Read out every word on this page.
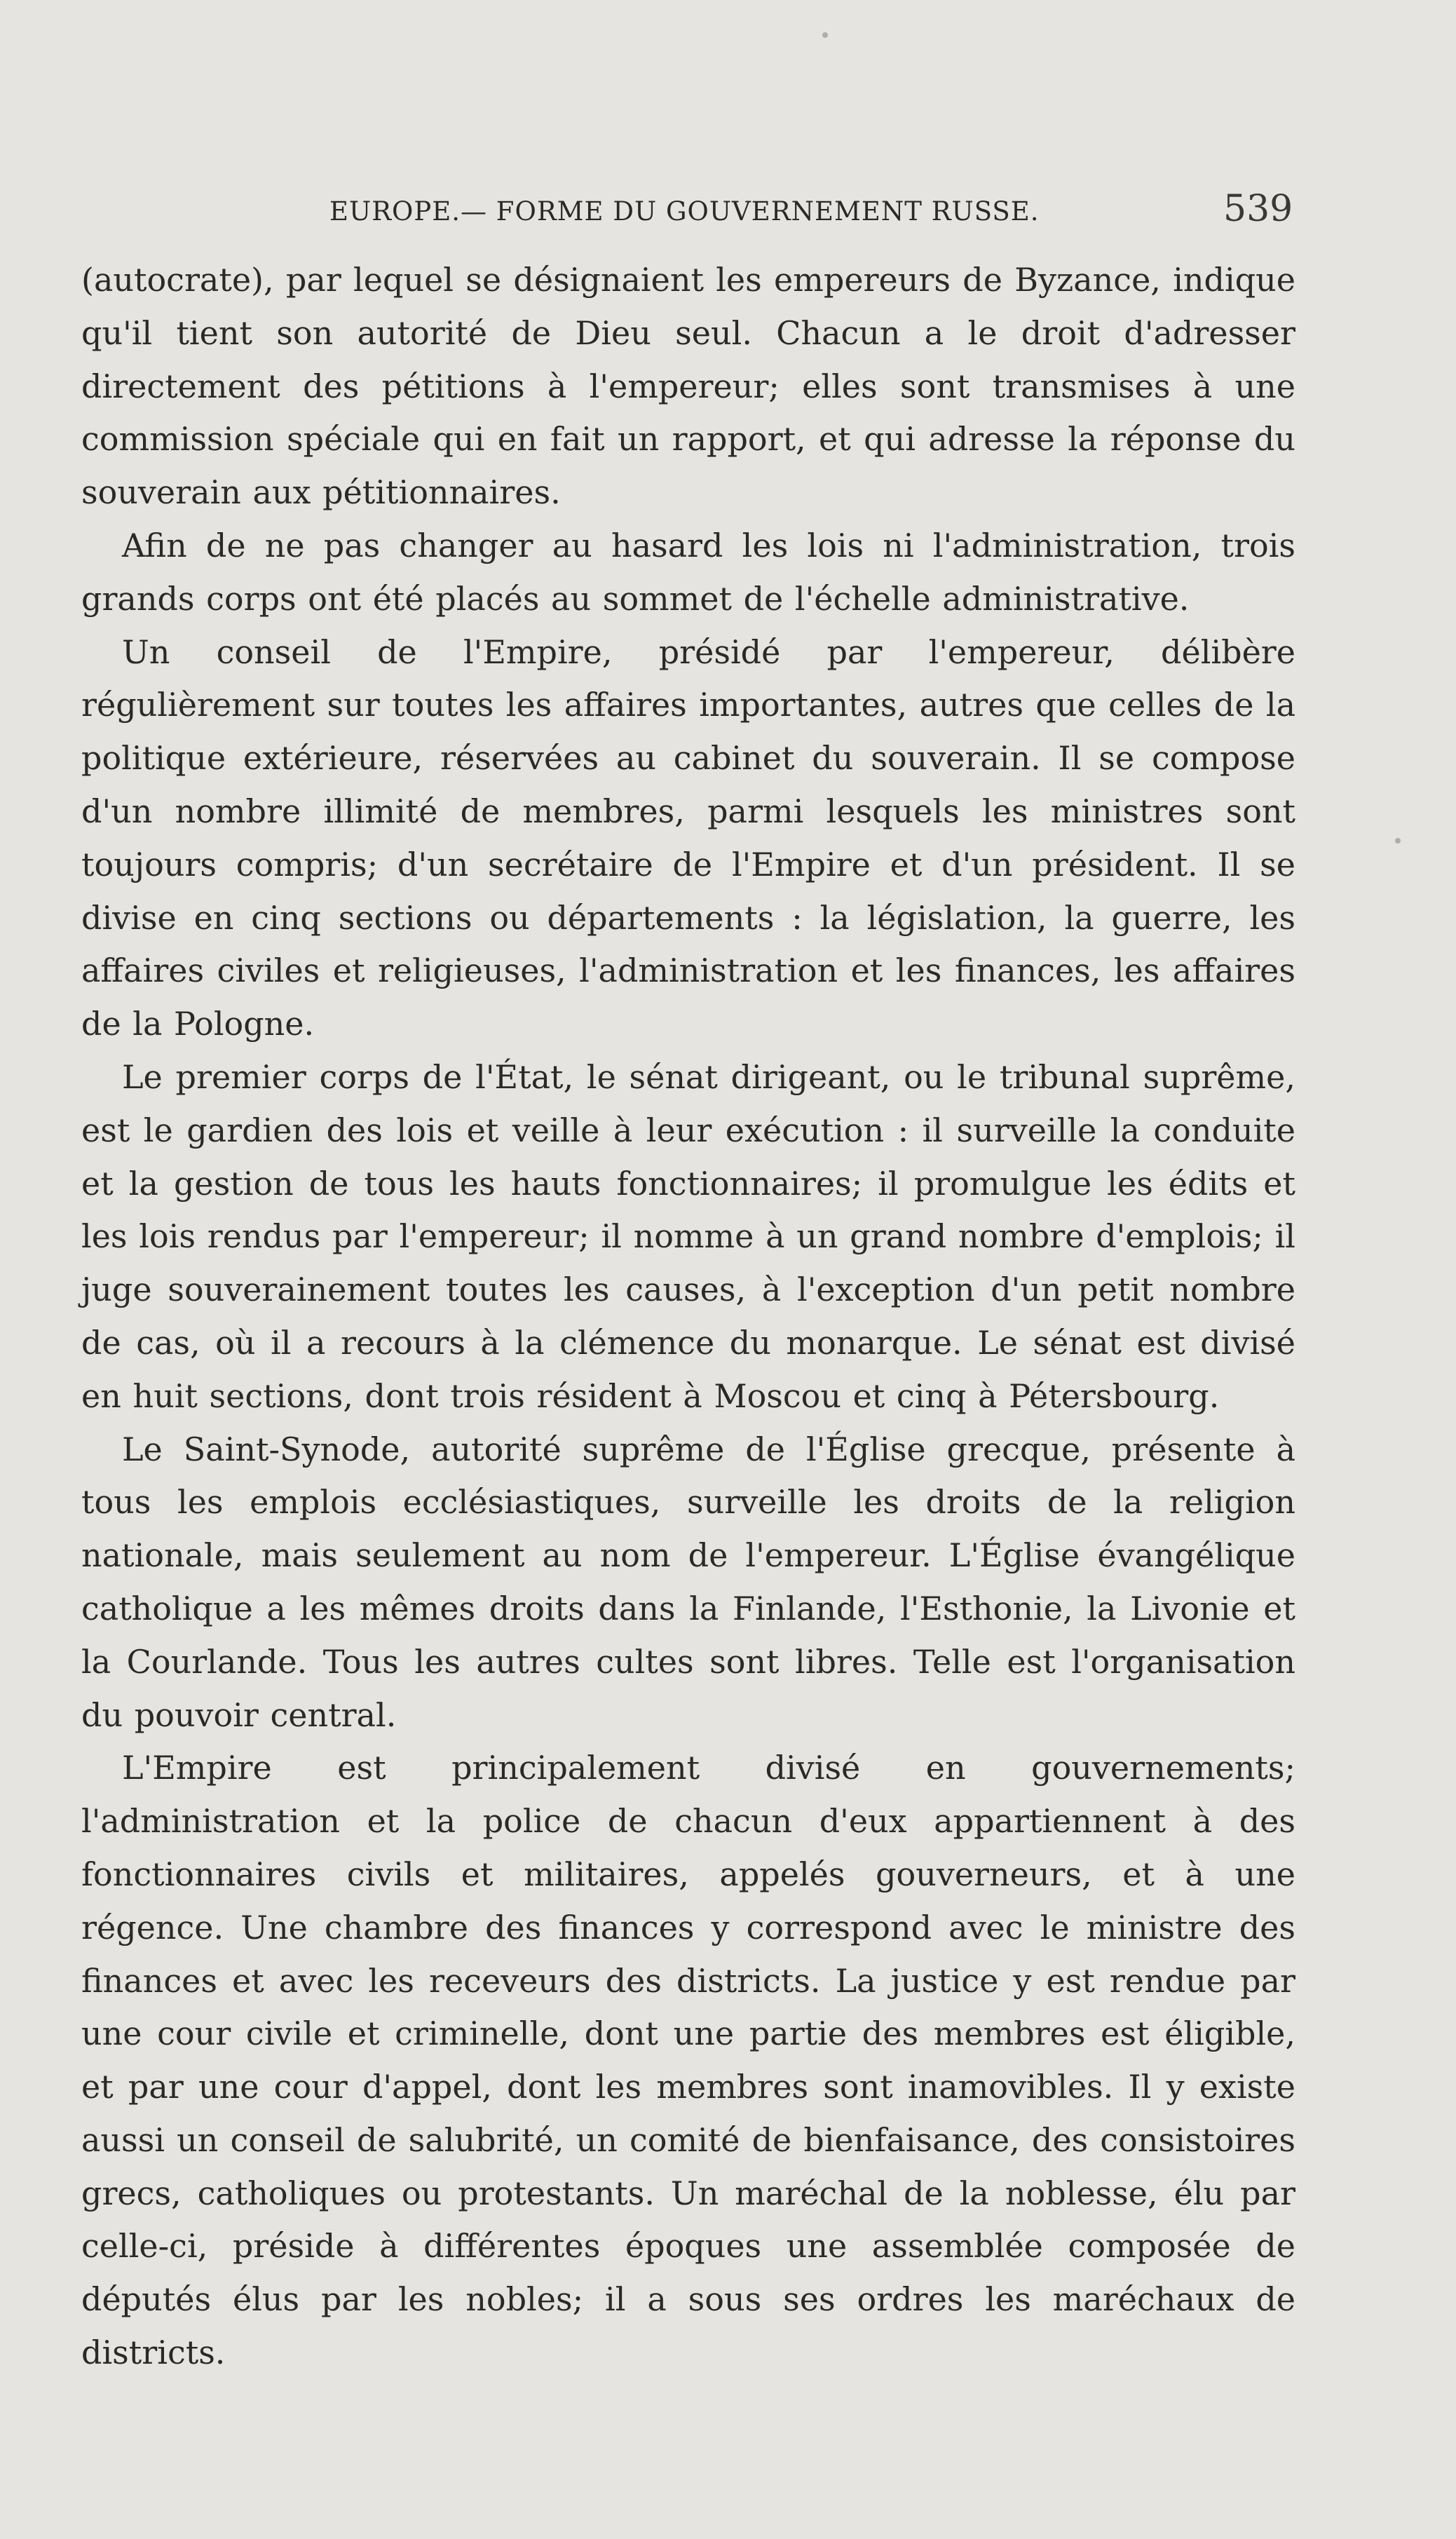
EUROPE.— FORME DU GOUVERNEMENT RUSSE.	539

(autocrate), par lequel se désignaient les empereurs de Byzance, indique qu'il tient son autorité de Dieu seul. Chacun a le droit d'adresser directement des pétitions à l'empereur; elles sont transmises à une commission spéciale qui en fait un rapport, et qui adresse la réponse du souverain aux pétitionnaires.

Afin de ne pas changer au hasard les lois ni l'administration, trois grands corps ont été placés au sommet de l'échelle administrative.

Un conseil de l'Empire, présidé par l'empereur, délibère régulièrement sur toutes les affaires importantes, autres que celles de la politique extérieure, réservées au cabinet du souverain. Il se compose d'un nombre illimité de membres, parmi lesquels les ministres sont toujours compris; d'un secrétaire de l'Empire et d'un président. Il se divise en cinq sections ou départements : la législation, la guerre, les affaires civiles et religieuses, l'administration et les finances, les affaires de la Pologne.

Le premier corps de l'État, le sénat dirigeant, ou le tribunal suprême, est le gardien des lois et veille à leur exécution : il surveille la conduite et la gestion de tous les hauts fonctionnaires; il promulgue les édits et les lois rendus par l'empereur; il nomme à un grand nombre d'emplois; il juge souverainement toutes les causes, à l'exception d'un petit nombre de cas, où il a recours à la clémence du monarque. Le sénat est divisé en huit sections, dont trois résident à Moscou et cinq à Pétersbourg.

Le Saint-Synode, autorité suprême de l'Église grecque, présente à tous les emplois ecclésiastiques, surveille les droits de la religion nationale, mais seulement au nom de l'empereur. L'Église évangélique catholique a les mêmes droits dans la Finlande, l'Esthonie, la Livonie et la Courlande. Tous les autres cultes sont libres. Telle est l'organisation du pouvoir central.

L'Empire est principalement divisé en gouvernements; l'administration et la police de chacun d'eux appartiennent à des fonctionnaires civils et militaires, appelés gouverneurs, et à une régence. Une chambre des finances y correspond avec le ministre des finances et avec les receveurs des districts. La justice y est rendue par une cour civile et criminelle, dont une partie des membres est éligible, et par une cour d'appel, dont les membres sont inamovibles. Il y existe aussi un conseil de salubrité, un comité de bienfaisance, des consistoires grecs, catholiques ou protestants. Un maréchal de la noblesse, élu par celle-ci, préside à différentes époques une assemblée composée de députés élus par les nobles; il a sous ses ordres les maréchaux de districts.
